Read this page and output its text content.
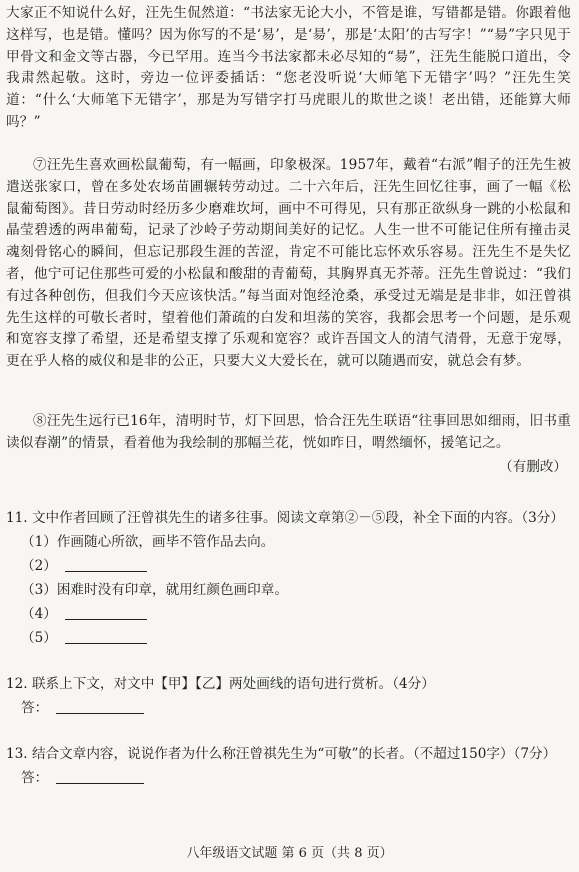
大家正不知说什么好，汪先生侃然道：“书法家无论大小，不管是谁，写错都是错。你跟着他这样写，也是错。懂吗？因为你写的不是‘易’，是‘昜’，那是‘太阳’的古写字！”“昜”字只见于甲骨文和金文等古器，今已罕用。连当今书法家都未必尽知的“昜”，汪先生能脱口道出，令我肃然起敬。这时，旁边一位评委插话：“您老没听说‘大师笔下无错字’吗？”汪先生笑道：“什么‘大师笔下无错字’，那是为写错字打马虎眼儿的欺世之谈！老出错，还能算大师吗？”

⑦汪先生喜欢画松鼠葡萄，有一幅画，印象极深。1957年，戴着“右派”帽子的汪先生被遣送张家口，曾在多处农场苗圃辗转劳动过。二十六年后，汪先生回忆往事，画了一幅《松鼠葡萄图》。昔日劳动时经历多少磨难坎坷，画中不可得见，只有那正欲纵身一跳的小松鼠和晶莹碧透的两串葡萄，记录了沙岭子劳动期间美好的记忆。人生一世不可能记住所有撞击灵魂刻骨铭心的瞬间，但忘记那段生涯的苦涩，肯定不可能比忘怀欢乐容易。汪先生不是失忆者，他宁可记住那些可爱的小松鼠和酸甜的青葡萄，其胸界真无芥蒂。汪先生曾说过：“我们有过各种创伤，但我们今天应该快活。”每当面对饱经沧桑，承受过无端是是非非，如汪曾祺先生这样的可敬长者时，望着他们萧疏的白发和坦荡的笑容，我都会思考一个问题，是乐观和宽容支撑了希望，还是希望支撑了乐观和宽容？或许吾国文人的清气清骨，无意于宠辱，更在乎人格的威仪和是非的公正，只要大义大爱长在，就可以随遇而安，就总会有梦。

⑧汪先生远行已16年，清明时节，灯下回思，恰合汪先生联语“往事回思如细雨，旧书重读似春潮”的情景，看着他为我绘制的那幅兰花，恍如昨日，喟然缅怀，援笔记之。

（有删改）
11. 文中作者回顾了汪曾祺先生的诸多往事。阅读文章第②－⑤段，补全下面的内容。（3分）
（1）作画随心所欲，画毕不管作品去向。
（2）
（3）困难时没有印章，就用红颜色画印章。
（4）
（5）
12. 联系上下文，对文中【甲】【乙】两处画线的语句进行赏析。（4分）
答：
13. 结合文章内容，说说作者为什么称汪曾祺先生为“可敬”的长者。（不超过150字）（7分）
答：
八年级语文试题 第 6 页（共 8 页）
